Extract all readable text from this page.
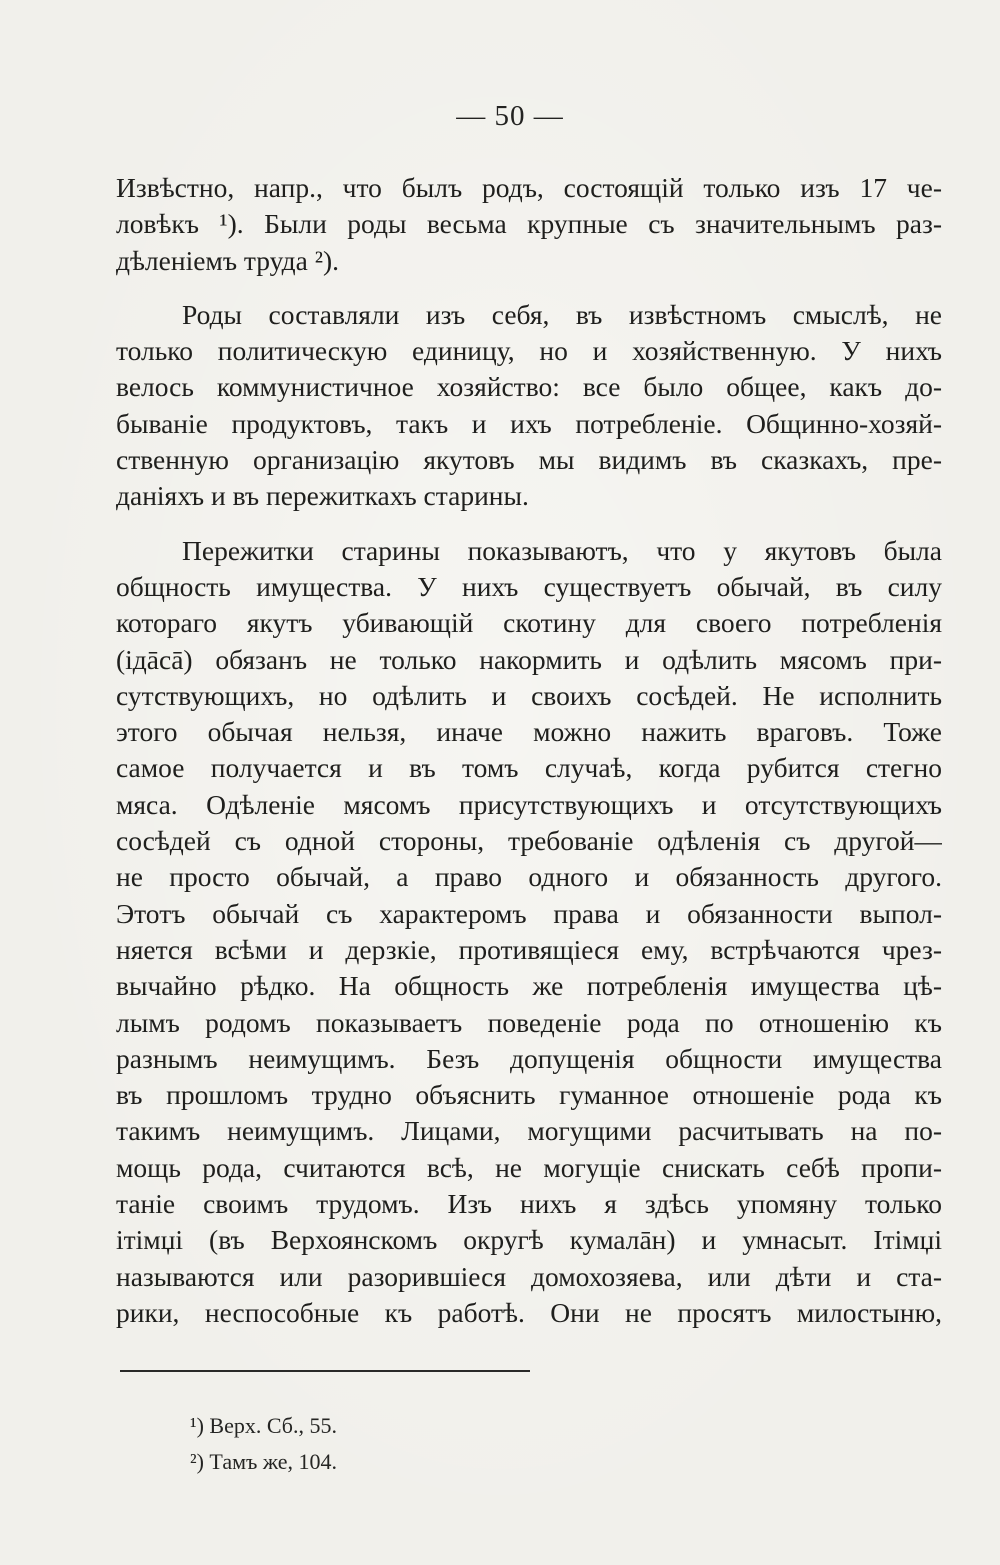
— 50 —
Извѣстно, напр., что былъ родъ, состоящій только изъ 17 че-
ловѣкъ ¹). Были роды весьма крупные съ значительнымъ раз-
дѣленіемъ труда ²).
Роды составляли изъ себя, въ извѣстномъ смыслѣ, не
только политическую единицу, но и хозяйственную. У нихъ
велось коммунистичное хозяйство: все было общее, какъ до-
бываніе продуктовъ, такъ и ихъ потребленіе. Общинно-хозяй-
ственную организацію якутовъ мы видимъ въ сказкахъ, пре-
даніяхъ и въ пережиткахъ старины.
Пережитки старины показываютъ, что у якутовъ была
общность имущества. У нихъ существуетъ обычай, въ силу
котораго якутъ убивающій скотину для своего потребленія
(ідāсā) обязанъ не только накормить и одѣлить мясомъ при-
сутствующихъ, но одѣлить и своихъ сосѣдей. Не исполнить
этого обычая нельзя, иначе можно нажить враговъ. Тоже
самое получается и въ томъ случаѣ, когда рубится стегно
мяса. Одѣленіе мясомъ присутствующихъ и отсутствующихъ
сосѣдей съ одной стороны, требованіе одѣленія съ другой—
не просто обычай, а право одного и обязанность другого.
Этотъ обычай съ характеромъ права и обязанности выпол-
няется всѣми и дерзкіе, противящіеся ему, встрѣчаются чрез-
вычайно рѣдко. На общность же потребленія имущества цѣ-
лымъ родомъ показываетъ поведеніе рода по отношенію къ
разнымъ неимущимъ. Безъ допущенія общности имущества
въ прошломъ трудно объяснить гуманное отношеніе рода къ
такимъ неимущимъ. Лицами, могущими расчитывать на по-
мощь рода, считаются всѣ, не могущіе снискать себѣ пропи-
таніе своимъ трудомъ. Изъ нихъ я здѣсь упомяну только
ітімџі (въ Верхоянскомъ округѣ кумалāн) и умнасыт. Ітімџі
называются или разорившіеся домохозяева, или дѣти и ста-
рики, неспособные къ работѣ. Они не просятъ милостыню,
¹) Верх. Сб., 55.
²) Тамъ же, 104.
